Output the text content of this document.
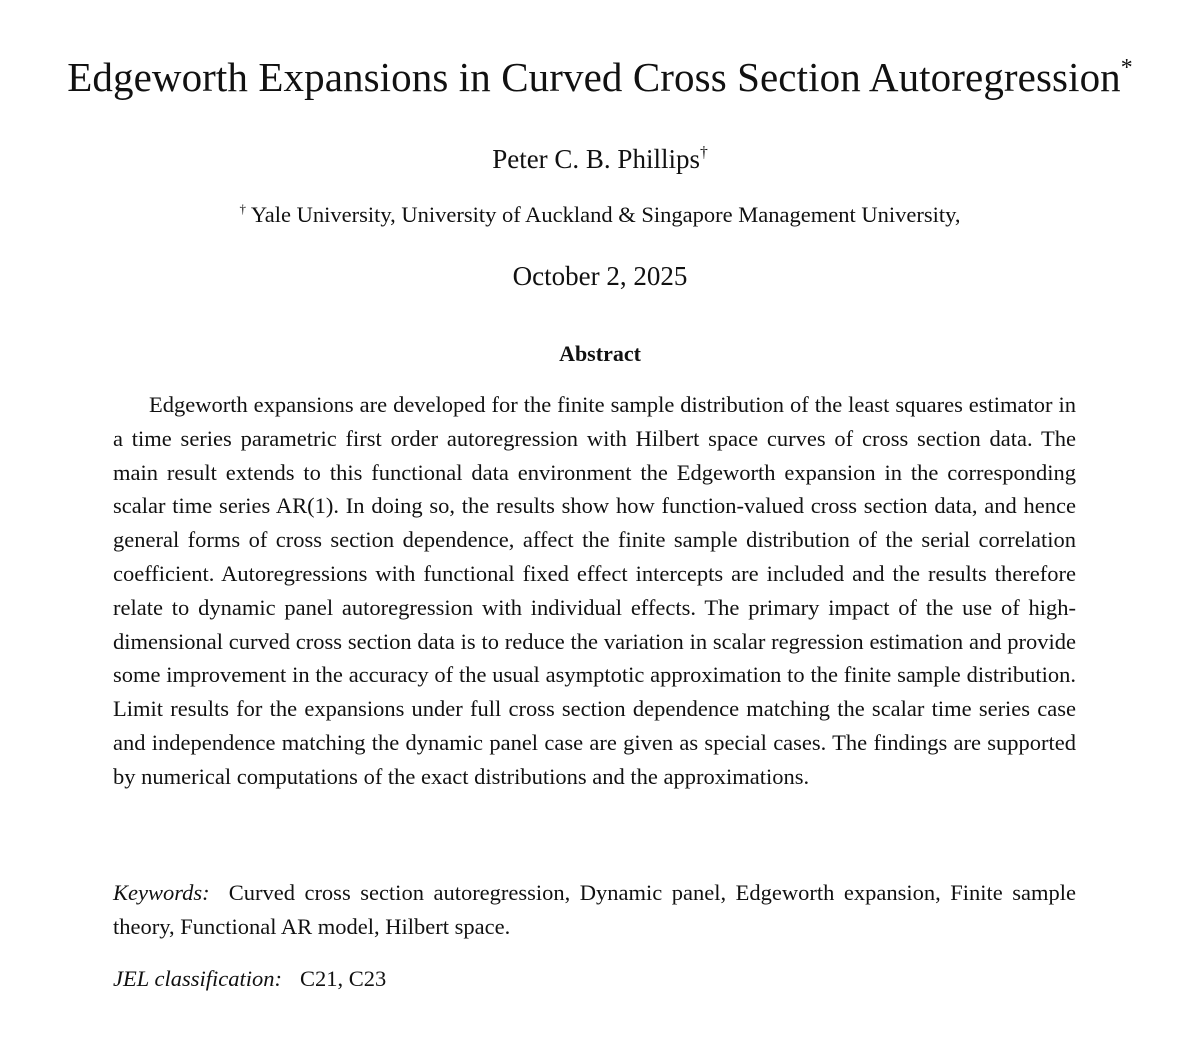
Edgeworth Expansions in Curved Cross Section Autoregression*
Peter C. B. Phillips†
† Yale University, University of Auckland & Singapore Management University,
October 2, 2025
Abstract

Edgeworth expansions are developed for the finite sample distribution of the least squares estimator in a time series parametric first order autoregression with Hilbert space curves of cross section data. The main result extends to this functional data environment the Edgeworth expansion in the corresponding scalar time series AR(1). In doing so, the results show how function-valued cross section data, and hence general forms of cross section dependence, affect the finite sample distribution of the serial correlation coefficient. Autoregressions with functional fixed effect intercepts are included and the results therefore relate to dynamic panel autoregression with individual effects. The primary impact of the use of high-dimensional curved cross section data is to reduce the variation in scalar regression estimation and provide some improvement in the accuracy of the usual asymptotic approximation to the finite sample distribution. Limit results for the expansions under full cross section dependence matching the scalar time series case and independence matching the dynamic panel case are given as special cases. The findings are supported by numerical computations of the exact distributions and the approximations.

Keywords: Curved cross section autoregression, Dynamic panel, Edgeworth expansion, Finite sample theory, Functional AR model, Hilbert space.

JEL classification: C21, C23
